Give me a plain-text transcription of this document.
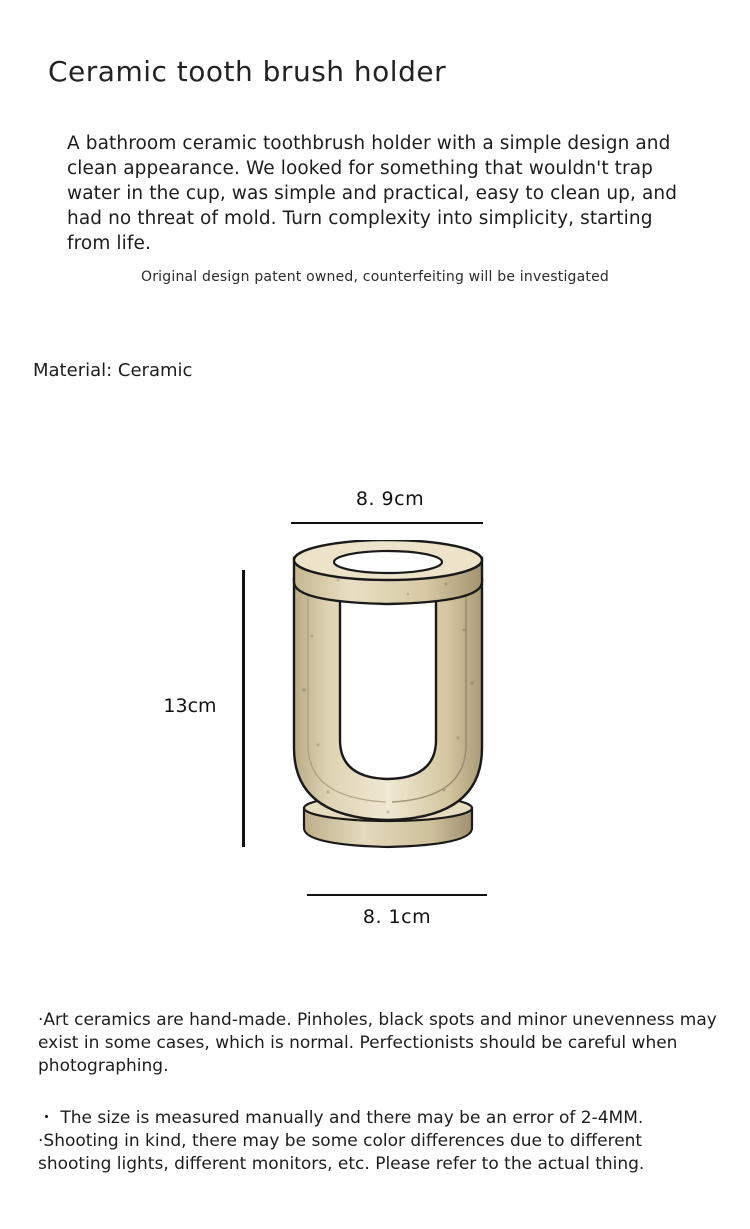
Ceramic tooth brush holder

A bathroom ceramic toothbrush holder with a simple design and clean appearance. We looked for something that wouldn't trap water in the cup, was simple and practical, easy to clean up, and had no threat of mold. Turn complexity into simplicity, starting from life.

Original design patent owned, counterfeiting will be investigated
Material: Ceramic
8. 9cm
13cm
8. 1cm

·Art ceramics are hand-made. Pinholes, black spots and minor unevenness may exist in some cases, which is normal. Perfectionists should be careful when photographing.

・ The size is measured manually and there may be an error of 2-4MM. ·Shooting in kind, there may be some color differences due to different shooting lights, different monitors, etc. Please refer to the actual thing.
